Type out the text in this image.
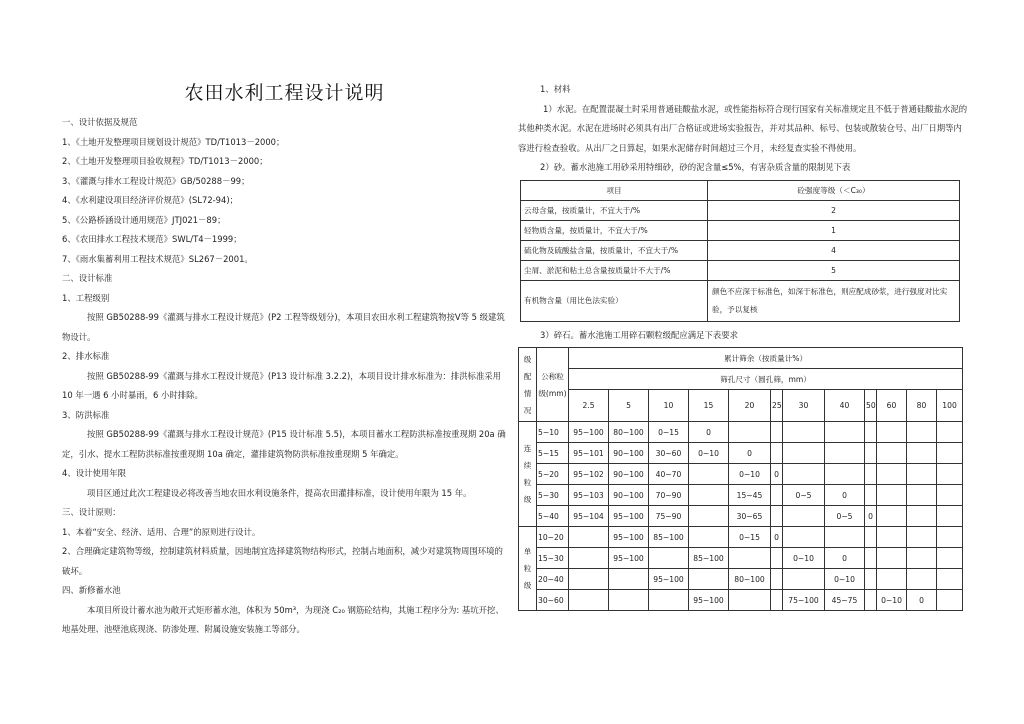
农田水利工程设计说明
一、设计依据及规范
1、《土地开发整理项目规划设计规范》TD/T1013－2000；
2、《土地开发整理项目验收规程》TD/T1013－2000；
3、《灌溉与排水工程设计规范》GB/50288－99；
4、《水利建设项目经济评价规范》(SL72-94)；
5、《公路桥涵设计通用规范》JTJ021－89；
6、《农田排水工程技术规范》SWL/T4－1999；
7、《雨水集蓄利用工程技术规范》SL267－2001。
二、设计标准
1、工程级别
按照 GB50288-99《灌溉与排水工程设计规范》(P2 工程等级划分)，本项目农田水利工程建筑物按Ⅴ等 5 级建筑物设计。
2、排水标准
按照 GB50288-99《灌溉与排水工程设计规范》(P13 设计标准 3.2.2)，本项目设计排水标准为：排洪标准采用 10 年一遇 6 小时暴雨，6 小时排除。
3、防洪标准
按照 GB50288-99《灌溉与排水工程设计规范》(P15 设计标准 5.5)，本项目蓄水工程防洪标准按重现期 20a 确定，引水、提水工程防洪标准按重现期 10a 确定，灌排建筑物防洪标准按重现期 5 年确定。
4、设计使用年限
项目区通过此次工程建设必将改善当地农田水利设施条件，提高农田灌排标准，设计使用年限为 15 年。
三、设计原则：
1、本着“安全、经济、适用、合理”的原则进行设计。
2、合理确定建筑物等级，控制建筑材料质量，因地制宜选择建筑物结构形式，控制占地面积，减少对建筑物周围环境的破坏。
四、新修蓄水池
本项目所设计蓄水池为敞开式矩形蓄水池，体积为 50m³，为现浇 C₂₀ 钢筋砼结构，其施工程序分为: 基坑开挖、地基处理、池壁池底现浇、防渗处理、附属设施安装施工等部分。
1、材料
1）水泥。在配置混凝土时采用普通硅酸盐水泥，或性能指标符合现行国家有关标准规定且不低于普通硅酸盐水泥的其他种类水泥。水泥在进场时必须具有出厂合格证或进场实验报告，并对其品种、标号、包装或散装仓号、出厂日期等内容进行检查验收。从出厂之日算起，如果水泥储存时间超过三个月，未经复查实验不得使用。
2）砂。蓄水池施工用砂采用特细砂，砂的泥含量≤5%，有害杂质含量的限制见下表
项目	砼强度等级（＜C₃₀）
云母含量，按质量计，不宜大于/%	2
轻物质含量，按质量计，不宜大于/%	1
硫化物及硫酸盐含量，按质量计，不宜大于/%	4
尘屑、淤泥和粘土总含量按质量计不大于/%	5
有机物含量（用比色法实验）	颜色不应深于标准色，如深于标准色，则应配成砂浆，进行强度对比实验，予以复核
3）碎石。蓄水池施工用碎石颗粒级配应满足下表要求
级配情况	公称粒级(mm)	累计筛余（按质量计%）											
		筛孔尺寸（圆孔筛，mm）											
		2.5	5	10	15	20	25	30	40	50	60	80	100
连续粒级	5~10	95~100	80~100	0~15	0								
	5~15	95~101	90~100	30~60	0~10	0							
	5~20	95~102	90~100	40~70		0~10	0						
	5~30	95~103	90~100	70~90		15~45		0~5	0				
	5~40	95~104	95~100	75~90		30~65			0~5	0			
单粒级	10~20		95~100	85~100		0~15	0						
	15~30		95~100		85~100			0~10	0				
	20~40			95~100		80~100			0~10				
	30~60				95~100			75~100	45~75		0~10	0	
